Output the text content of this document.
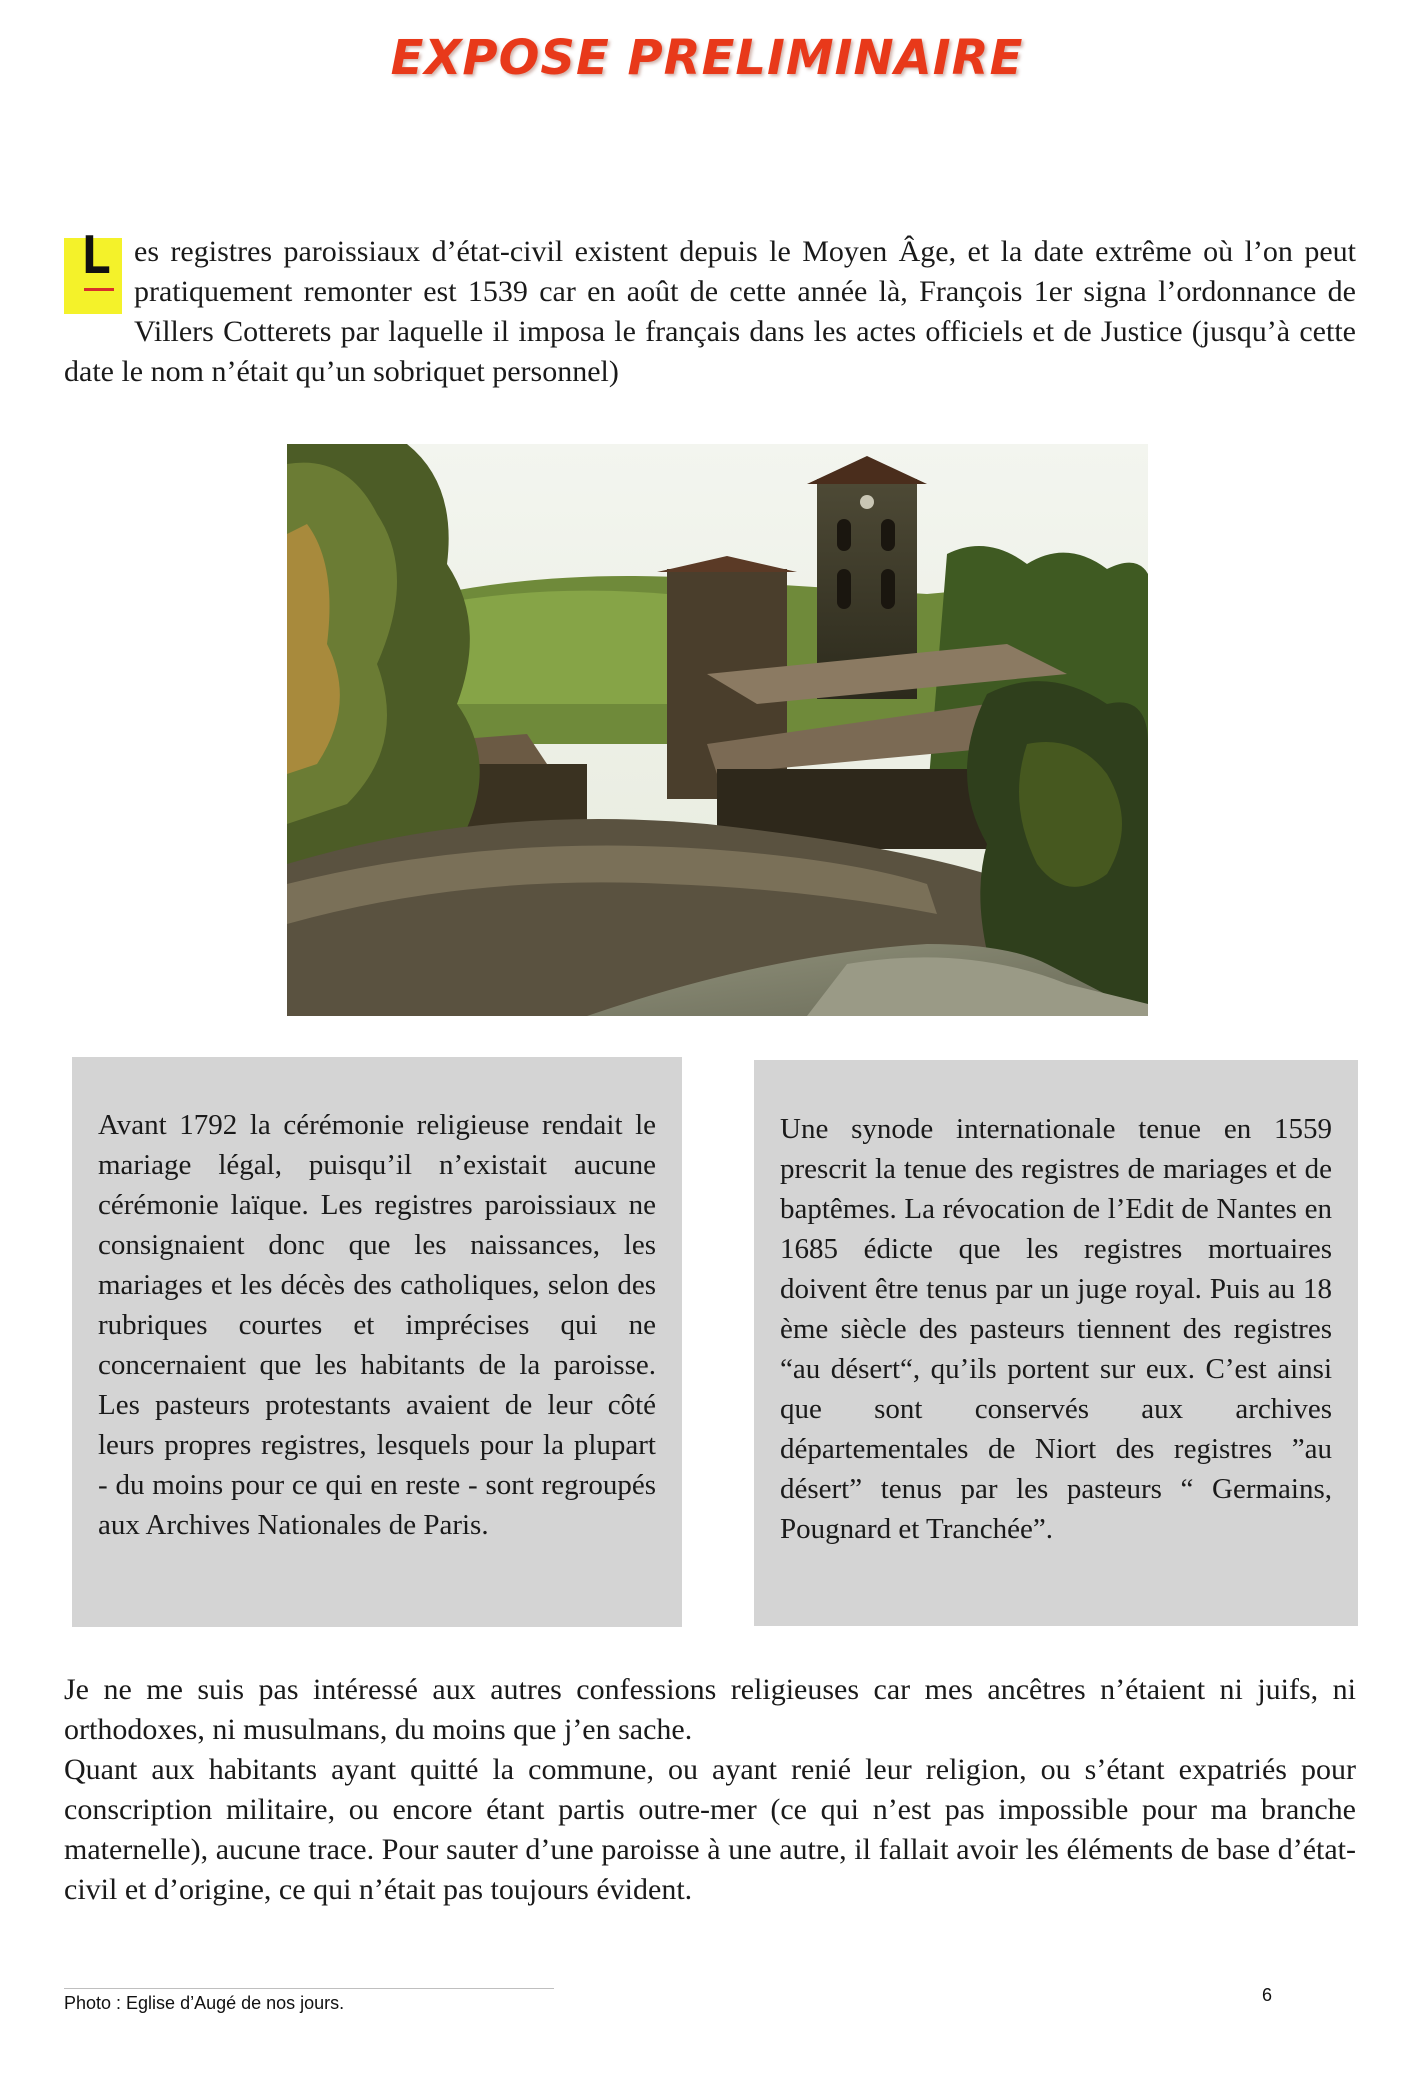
EXPOSE PRELIMINAIRE
L es registres paroissiaux d’état-civil existent depuis le Moyen Âge, et la date extrême où l’on peut pratiquement remonter est 1539 car en août de cette année là, François 1er signa l’ordonnance de Villers Cotterets par laquelle il imposa le français dans les actes officiels et de Justice (jusqu’à cette date le nom n’était qu’un sobriquet personnel)
Avant 1792 la cérémonie religieuse rendait le mariage légal, puisqu’il n’existait aucune cérémonie laïque. Les registres paroissiaux ne consignaient donc que les naissances, les mariages et les décès des catholiques, selon des rubriques courtes et imprécises qui ne concernaient que les habitants de la paroisse. Les pasteurs protestants avaient de leur côté leurs propres registres, lesquels pour la plupart - du moins pour ce qui en reste - sont regroupés aux Archives Nationales de Paris.
Une synode internationale tenue en 1559 prescrit la tenue des registres de mariages et de baptêmes. La révocation de l’Edit de Nantes en 1685 édicte que les registres mortuaires doivent être tenus par un juge royal. Puis au 18 ème siècle des pasteurs tiennent des registres “au désert“, qu’ils portent sur eux. C’est ainsi que sont conservés aux archives départementales de Niort des registres ”au désert” tenus par les pasteurs “ Germains, Pougnard et Tranchée”.

Je ne me suis pas intéressé aux autres confessions religieuses car mes ancêtres n’étaient ni juifs, ni orthodoxes, ni musulmans, du moins que j’en sache.

Quant aux habitants ayant quitté la commune, ou ayant renié leur religion, ou s’étant expatriés pour conscription militaire, ou encore étant partis outre-mer (ce qui n’est pas impossible pour ma branche maternelle), aucune trace. Pour sauter d’une paroisse à une autre, il fallait avoir les éléments de base d’état-civil et d’origine, ce qui n’était pas toujours évident.

Photo : Eglise d’Augé de nos jours.	6
